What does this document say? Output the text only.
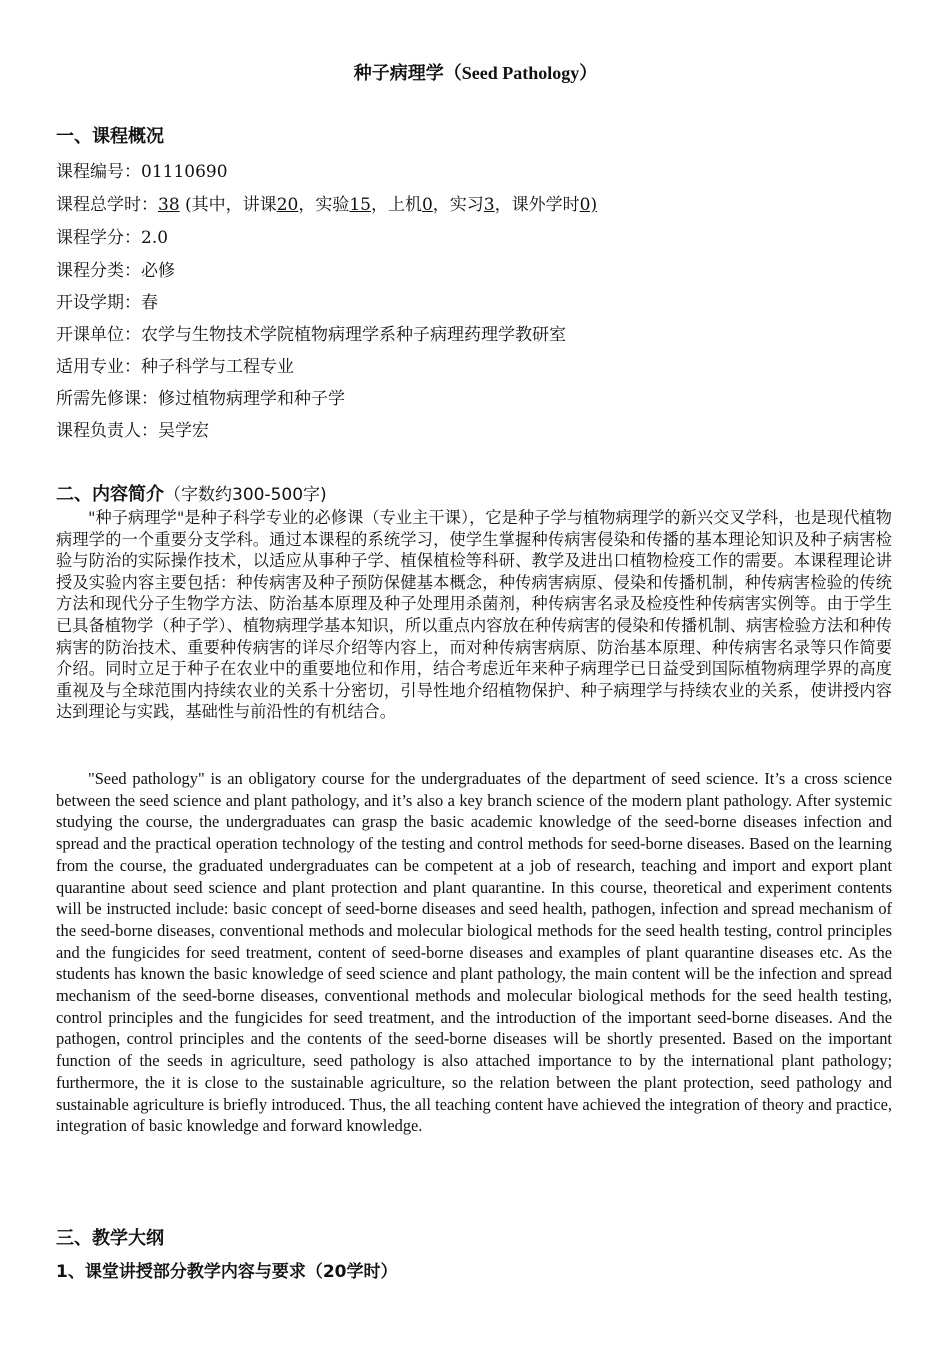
种子病理学（Seed Pathology）
一、课程概况
课程编号：01110690
课程总学时：38 (其中，讲课20，实验15，上机0，实习3，课外学时0)
课程学分：2.0
课程分类：必修
开设学期：春
开课单位：农学与生物技术学院植物病理学系种子病理药理学教研室
适用专业：种子科学与工程专业
所需先修课：修过植物病理学和种子学
课程负责人：吴学宏
二、内容简介（字数约300-500字)

"种子病理学"是种子科学专业的必修课（专业主干课），它是种子学与植物病理学的新兴交叉学科，也是现代植物病理学的一个重要分支学科。通过本课程的系统学习，使学生掌握种传病害侵染和传播的基本理论知识及种子病害检验与防治的实际操作技术，以适应从事种子学、植保植检等科研、教学及进出口植物检疫工作的需要。本课程理论讲授及实验内容主要包括：种传病害及种子预防保健基本概念，种传病害病原、侵染和传播机制，种传病害检验的传统方法和现代分子生物学方法、防治基本原理及种子处理用杀菌剂，种传病害名录及检疫性种传病害实例等。由于学生已具备植物学（种子学）、植物病理学基本知识，所以重点内容放在种传病害的侵染和传播机制、病害检验方法和种传病害的防治技术、重要种传病害的详尽介绍等内容上，而对种传病害病原、防治基本原理、种传病害名录等只作简要介绍。同时立足于种子在农业中的重要地位和作用，结合考虑近年来种子病理学已日益受到国际植物病理学界的高度重视及与全球范围内持续农业的关系十分密切，引导性地介绍植物保护、种子病理学与持续农业的关系，使讲授内容达到理论与实践，基础性与前沿性的有机结合。

"Seed pathology" is an obligatory course for the undergraduates of the department of seed science. It’s a cross science between the seed science and plant pathology, and it’s also a key branch science of the modern plant pathology. After systemic studying the course, the undergraduates can grasp the basic academic knowledge of the seed-borne diseases infection and spread and the practical operation technology of the testing and control methods for seed-borne diseases. Based on the learning from the course, the graduated undergraduates can be competent at a job of research, teaching and import and export plant quarantine about seed science and plant protection and plant quarantine. In this course, theoretical and experiment contents will be instructed include: basic concept of seed-borne diseases and seed health, pathogen, infection and spread mechanism of the seed-borne diseases, conventional methods and molecular biological methods for the seed health testing, control principles and the fungicides for seed treatment, content of seed-borne diseases and examples of plant quarantine diseases etc. As the students has known the basic knowledge of seed science and plant pathology, the main content will be the infection and spread mechanism of the seed-borne diseases, conventional methods and molecular biological methods for the seed health testing, control principles and the fungicides for seed treatment, and the introduction of the important seed-borne diseases. And the pathogen, control principles and the contents of the seed-borne diseases will be shortly presented. Based on the important function of the seeds in agriculture, seed pathology is also attached importance to by the international plant pathology; furthermore, the it is close to the sustainable agriculture, so the relation between the plant protection, seed pathology and sustainable agriculture is briefly introduced. Thus, the all teaching content have achieved the integration of theory and practice, integration of basic knowledge and forward knowledge.

三、教学大纲
1、课堂讲授部分教学内容与要求（20学时）
